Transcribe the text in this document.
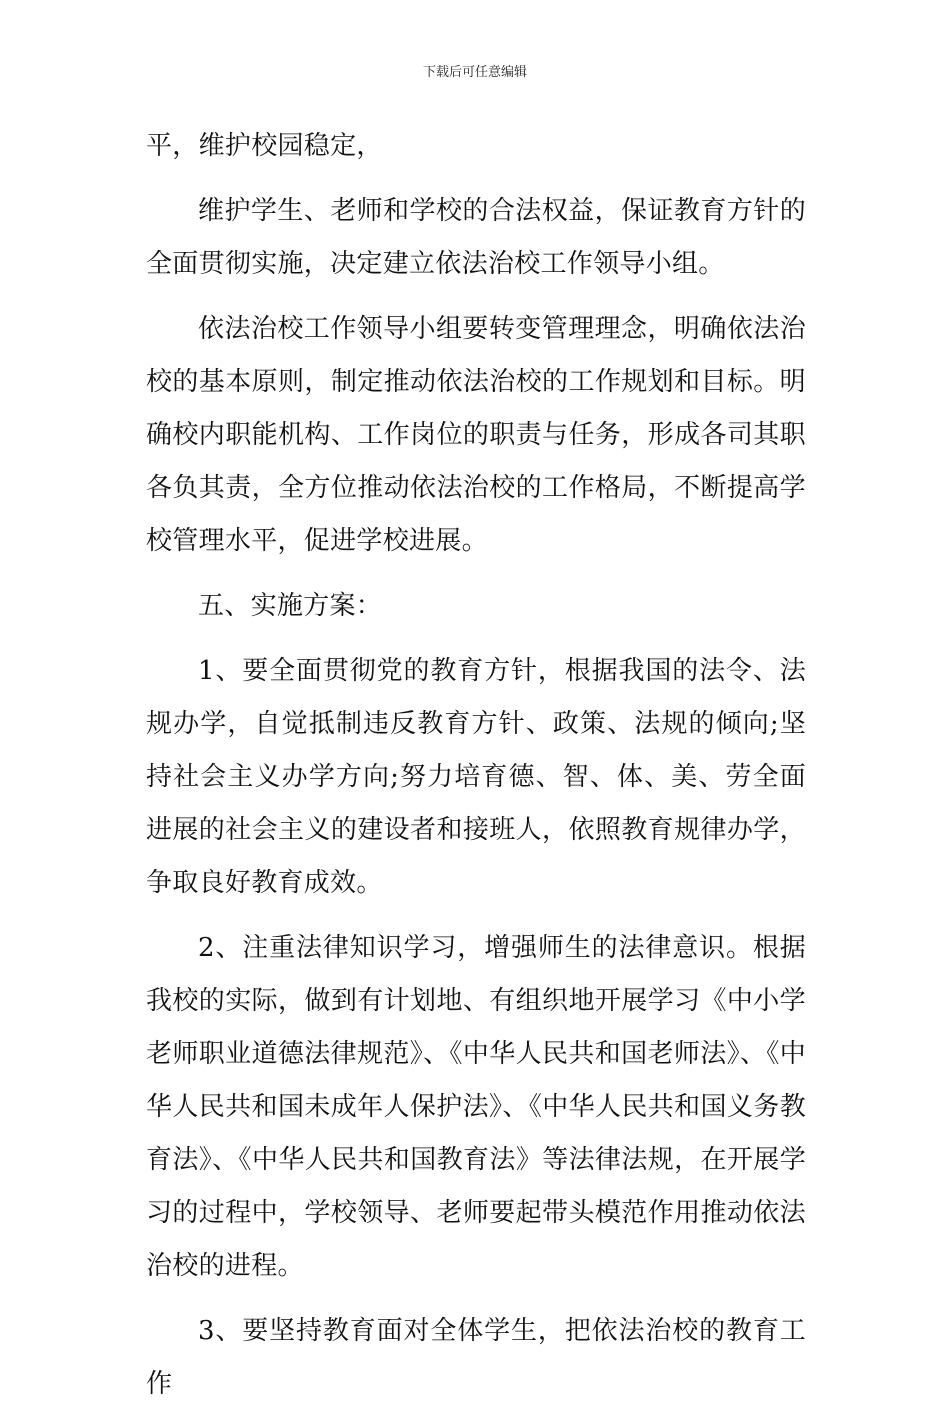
下载后可任意编辑

平，维护校园稳定，

维护学生、老师和学校的合法权益，保证教育方针的全面贯彻实施，决定建立依法治校工作领导小组。

依法治校工作领导小组要转变管理理念，明确依法治校的基本原则，制定推动依法治校的工作规划和目标。明确校内职能机构、工作岗位的职责与任务，形成各司其职各负其责，全方位推动依法治校的工作格局，不断提高学校管理水平，促进学校进展。

五、实施方案：

1、要全面贯彻党的教育方针，根据我国的法令、法规办学，自觉抵制违反教育方针、政策、法规的倾向;坚持社会主义办学方向;努力培育德、智、体、美、劳全面进展的社会主义的建设者和接班人，依照教育规律办学，争取良好教育成效。

2、注重法律知识学习，增强师生的法律意识。根据我校的实际，做到有计划地、有组织地开展学习《中小学老师职业道德法律规范》、《中华人民共和国老师法》、《中华人民共和国未成年人保护法》、《中华人民共和国义务教育法》、《中华人民共和国教育法》等法律法规，在开展学习的过程中，学校领导、老师要起带头模范作用推动依法治校的进程。

3、要坚持教育面对全体学生，把依法治校的教育工作
